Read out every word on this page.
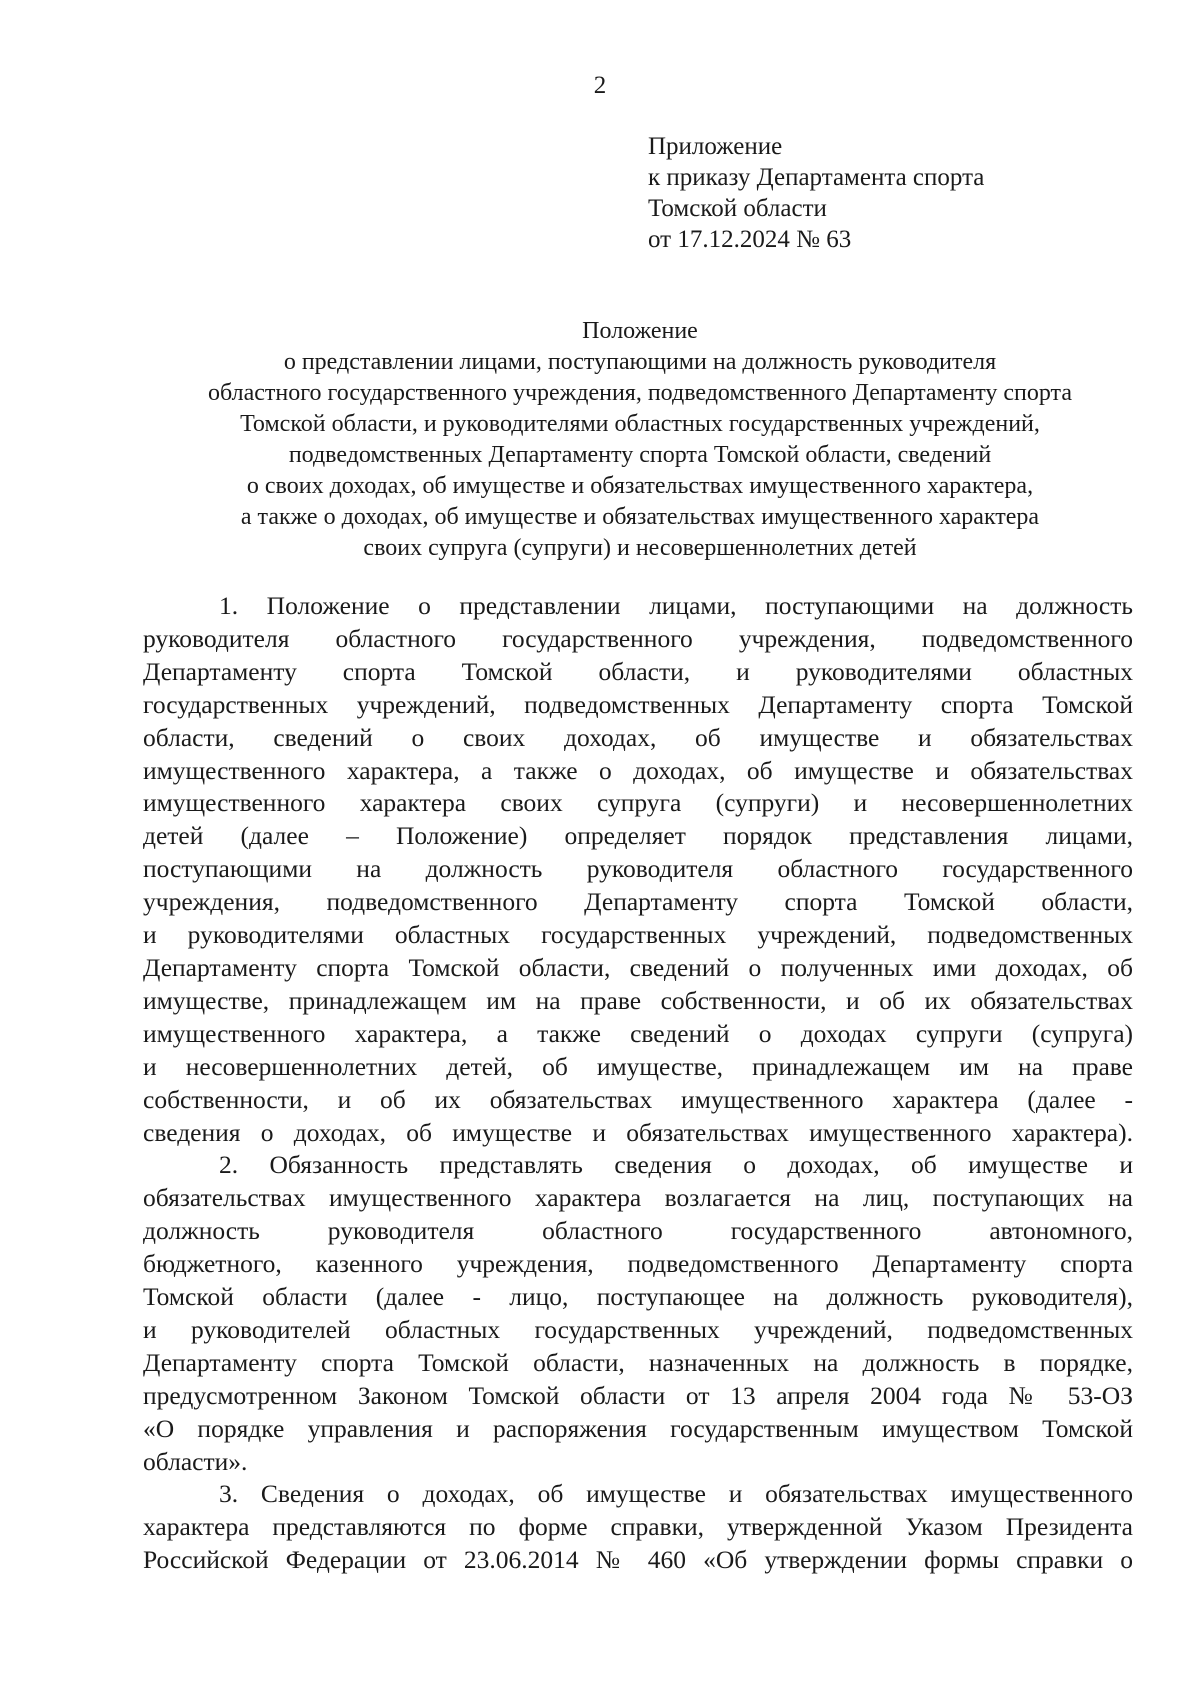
2
Приложение
к приказу Департамента спорта
Томской области
от 17.12.2024 № 63
Положение
о представлении лицами, поступающими на должность руководителя
областного государственного учреждения, подведомственного Департаменту спорта
Томской области, и руководителями областных государственных учреждений,
подведомственных Департаменту спорта Томской области, сведений
о своих доходах, об имуществе и обязательствах имущественного характера,
а также о доходах, об имуществе и обязательствах имущественного характера
своих супруга (супруги) и несовершеннолетних детей
1. Положение о представлении лицами, поступающими на должность
руководителя областного государственного учреждения, подведомственного
Департаменту спорта Томской области, и руководителями областных
государственных учреждений, подведомственных Департаменту спорта Томской
области, сведений о своих доходах, об имуществе и обязательствах
имущественного характера, а также о доходах, об имуществе и обязательствах
имущественного характера своих супруга (супруги) и несовершеннолетних
детей (далее – Положение) определяет порядок представления лицами,
поступающими на должность руководителя областного государственного
учреждения, подведомственного Департаменту спорта Томской области,
и руководителями областных государственных учреждений, подведомственных
Департаменту спорта Томской области, сведений о полученных ими доходах, об
имуществе, принадлежащем им на праве собственности, и об их обязательствах
имущественного характера, а также сведений о доходах супруги (супруга)
и несовершеннолетних детей, об имуществе, принадлежащем им на праве
собственности, и об их обязательствах имущественного характера (далее -
сведения о доходах, об имуществе и обязательствах имущественного характера).
2. Обязанность представлять сведения о доходах, об имуществе и
обязательствах имущественного характера возлагается на лиц, поступающих на
должность руководителя областного государственного автономного,
бюджетного, казенного учреждения, подведомственного Департаменту спорта
Томской области (далее - лицо, поступающее на должность руководителя),
и руководителей областных государственных учреждений, подведомственных
Департаменту спорта Томской области, назначенных на должность в порядке,
предусмотренном Законом Томской области от 13 апреля 2004 года № 53-ОЗ
«О порядке управления и распоряжения государственным имуществом Томской
области».
3. Сведения о доходах, об имуществе и обязательствах имущественного
характера представляются по форме справки, утвержденной Указом Президента
Российской Федерации от 23.06.2014 № 460 «Об утверждении формы справки о
